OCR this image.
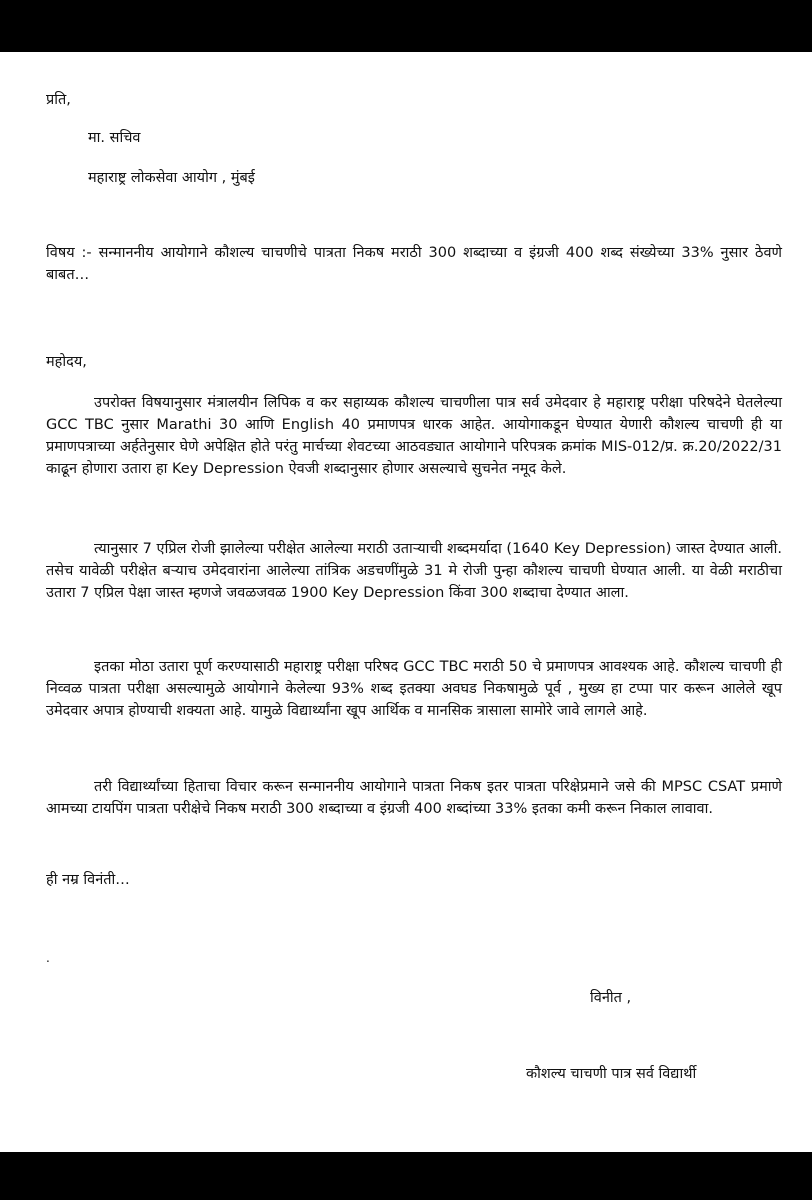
प्रति,
मा. सचिव
महाराष्ट्र लोकसेवा आयोग , मुंबई
विषय :- सन्माननीय आयोगाने कौशल्य चाचणीचे पात्रता निकष मराठी 300 शब्दाच्या व इंग्रजी 400 शब्द संख्येच्या 33% नुसार ठेवणे बाबत…
महोदय,
उपरोक्त विषयानुसार मंत्रालयीन लिपिक व कर सहाय्यक कौशल्य चाचणीला पात्र सर्व उमेदवार हे महाराष्ट्र परीक्षा परिषदेने घेतलेल्या GCC TBC नुसार Marathi 30 आणि English 40 प्रमाणपत्र धारक आहेत. आयोगाकडून घेण्यात येणारी कौशल्य चाचणी ही या प्रमाणपत्राच्या अर्हतेनुसार घेणे अपेक्षित होते परंतु मार्चच्या शेवटच्या आठवड्यात आयोगाने परिपत्रक क्रमांक MIS-012/प्र. क्र.20/2022/31 काढून होणारा उतारा हा Key Depression ऐवजी शब्दानुसार होणार असल्याचे सुचनेत नमूद केले.
त्यानुसार 7 एप्रिल रोजी झालेल्या परीक्षेत आलेल्या मराठी उताऱ्याची शब्दमर्यादा (1640 Key Depression) जास्त देण्यात आली. तसेच यावेळी परीक्षेत बऱ्याच उमेदवारांना आलेल्या तांत्रिक अडचणींमुळे 31 मे रोजी पुन्हा कौशल्य चाचणी घेण्यात आली. या वेळी मराठीचा उतारा 7 एप्रिल पेक्षा जास्त म्हणजे जवळजवळ 1900 Key Depression किंवा 300 शब्दाचा देण्यात आला.
इतका मोठा उतारा पूर्ण करण्यासाठी महाराष्ट्र परीक्षा परिषद GCC TBC मराठी 50 चे प्रमाणपत्र आवश्यक आहे. कौशल्य चाचणी ही निव्वळ पात्रता परीक्षा असल्यामुळे आयोगाने केलेल्या 93% शब्द इतक्या अवघड निकषामुळे पूर्व , मुख्य हा टप्पा पार करून आलेले खूप उमेदवार अपात्र होण्याची शक्यता आहे. यामुळे विद्यार्थ्यांना खूप आर्थिक व मानसिक त्रासाला सामोरे जावे लागले आहे.
तरी विद्यार्थ्यांच्या हिताचा विचार करून सन्माननीय आयोगाने पात्रता निकष इतर पात्रता परिक्षेप्रमाने जसे की MPSC CSAT प्रमाणे आमच्या टायपिंग पात्रता परीक्षेचे निकष मराठी 300 शब्दाच्या व इंग्रजी 400 शब्दांच्या 33% इतका कमी करून निकाल लावावा.
ही नम्र विनंती…
.
विनीत ,
कौशल्य चाचणी पात्र सर्व विद्यार्थी
